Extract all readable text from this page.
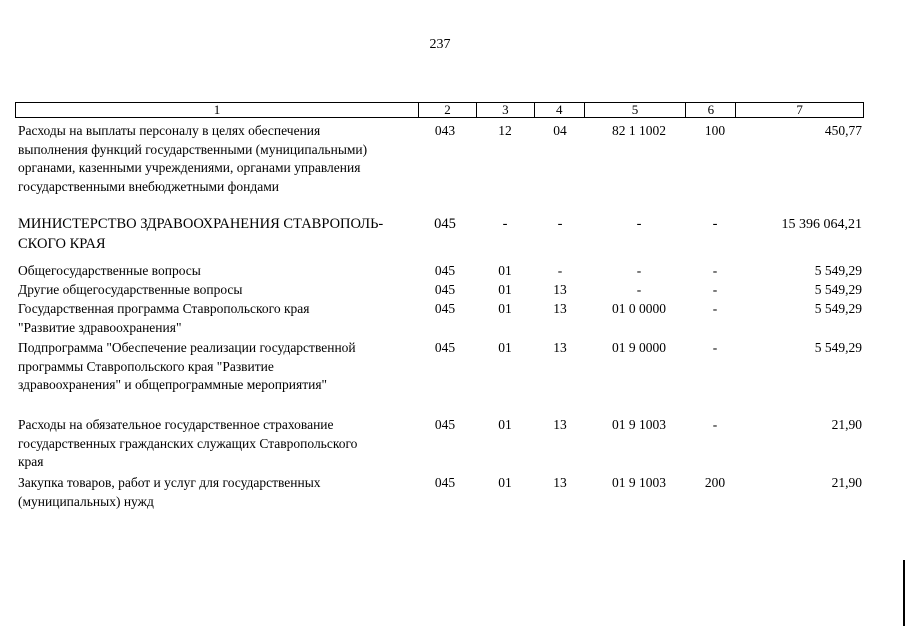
237
1	2	3	4	5	6	7
Расходы на выплаты персоналу в целях обеспечения
выполнения функций государственными (муниципальными)
органами, казенными учреждениями, органами управления
государственными внебюджетными фондами
043	12	04	82 1 1002	100	450,77
МИНИСТЕРСТВО ЗДРАВООХРАНЕНИЯ СТАВРОПОЛЬ-
СКОГО КРАЯ
045	-	-	-	-	15 396 064,21
Общегосударственные вопросы	045	01	-	-	-	5 549,29
Другие общегосударственные вопросы	045	01	13	-	-	5 549,29
Государственная программа Ставропольского края
"Развитие здравоохранения"
045	01	13	01 0 0000	-	5 549,29
Подпрограмма "Обеспечение реализации государственной
программы Ставропольского края "Развитие
здравоохранения" и общепрограммные мероприятия"
045	01	13	01 9 0000	-	5 549,29
Расходы на обязательное государственное страхование
государственных гражданских служащих Ставропольского
края
045	01	13	01 9 1003	-	21,90
Закупка товаров, работ и услуг для государственных
(муниципальных) нужд
045	01	13	01 9 1003	200	21,90
